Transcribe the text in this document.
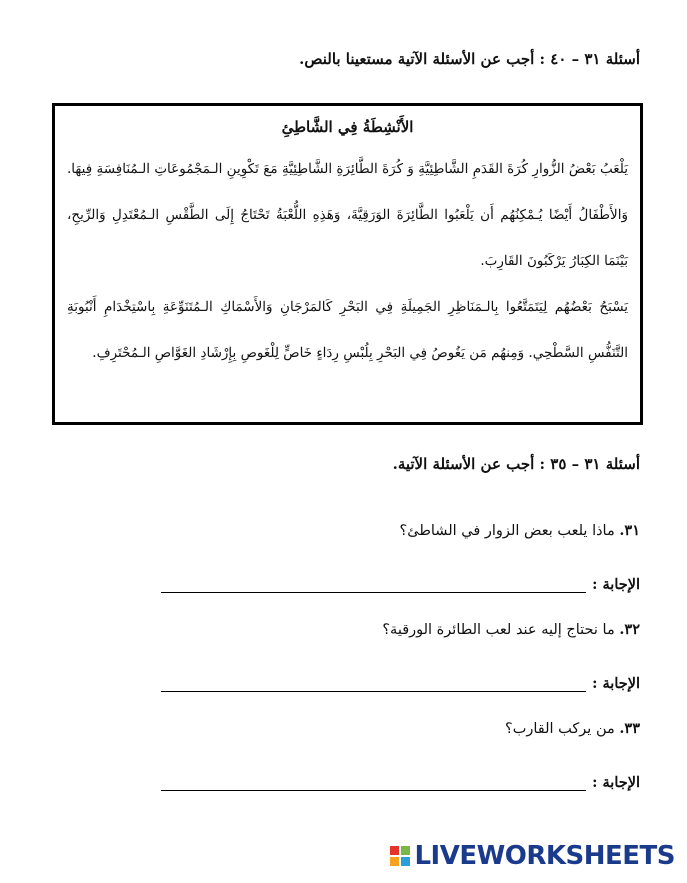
أسئلة ٣١ – ٤٠ : أجب عن الأسئلة الآتية مستعينا بالنص.
الأَنْشِطَةُ فِي الشَّاطِئِ
يَلْعَبُ بَعْضُ الزُّوارِ كُرَةَ القَدَمِ الشَّاطِئِيَّةِ وَ كُرَةَ الطَّائِرَةِ الشَّاطِئِيَّةِ مَعَ تَكْوِينِ الـمَجْمُوعَاتِ الـمُنَافِسَةِ فِيهَا. وَالأَطْفَالُ أَيْضًا يُـمْكِنُهُم أَن يَلْعَبُوا الطَّائِرَةَ الوَرَقِيَّةَ، وَهَذِهِ اللُّعْبَةُ تَحْتَاجُ إِلَى الطَّقْسِ الـمُعْتَدِلِ وَالرِّيحِ، بَيْنَمَا الكِبَارُ يَرْكَبُونَ القَارِبَ.
يَسْبَحُ بَعْضُهُم لِيَتَمَتَّعُوا بِالـمَنَاظِرِ الجَمِيلَةِ فِي البَحْرِ كَالمَرْجَانِ وَالأَسْمَاكِ الـمُتَنَوِّعَةِ بِاسْتِخْدَامِ أَنْبُوبَةِ التَّنَفُّسِ السَّطْحِي. وَمِنهُم مَن يَغُوصُ فِي البَحْرِ بِلُبْسِ رِدَاءٍ خَاصٍّ لِلْغَوصِ بِإِرْشَادِ الغَوَّاصِ الـمُحْتَرِفِ.
أسئلة ٣١ – ٣٥ : أجب عن الأسئلة الآتية.
٣١. ماذا يلعب بعض الزوار في الشاطئ؟
الإجابة :
٣٢. ما نحتاج إليه عند لعب الطائرة الورقية؟
الإجابة :
٣٣. من يركب القارب؟
الإجابة :
LIVEWORKSHEETS
